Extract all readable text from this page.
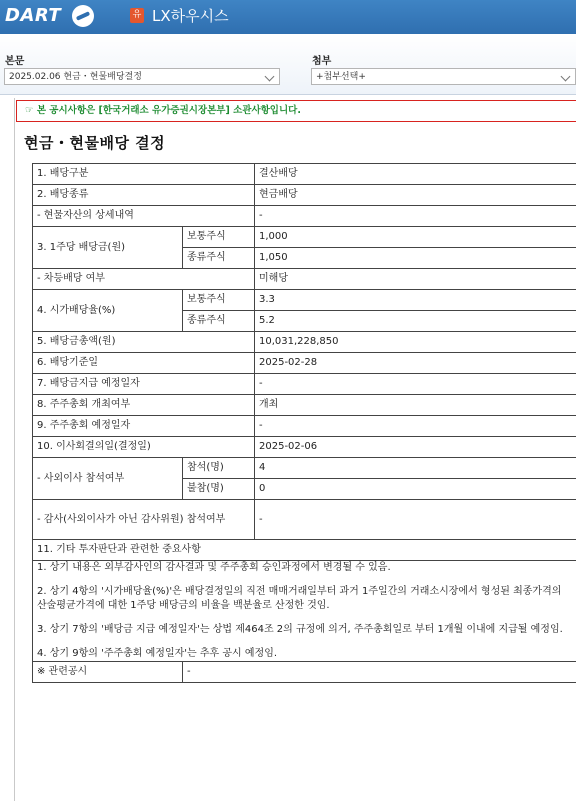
DART	유 LX하우시스
본문
2025.02.06 현금・현물배당결정
첨부
+첨부선택+
☞ 본 공시사항은 [한국거래소 유가증권시장본부] 소관사항입니다.
현금・현물배당 결정
1. 배당구분		결산배당
2. 배당종류		현금배당
- 현물자산의 상세내역		-
3. 1주당 배당금(원)	보통주식	1,000
	종류주식	1,050
- 차등배당 여부		미해당
4. 시가배당율(%)	보통주식	3.3
	종류주식	5.2
5. 배당금총액(원)		10,031,228,850
6. 배당기준일		2025-02-28
7. 배당금지급 예정일자		-
8. 주주총회 개최여부		개최
9. 주주총회 예정일자		-
10. 이사회결의일(결정일)		2025-02-06
- 사외이사 참석여부	참석(명)	4
	불참(명)	0
- 감사(사외이사가 아닌 감사위원) 참석여부		-
11. 기타 투자판단과 관련한 중요사항		

1. 상기 내용은 외부감사인의 감사결과 및 주주총회 승인과정에서 변경될 수 있음.
2. 상기 4항의 '시가배당율(%)'은 배당결정일의 직전 매매거래일부터 과거 1주일간의 거래소시장에서 형성된 최종가격의 산술평균가격에 대한 1주당 배당금의 비율을 백분율로 산정한 것임.
3. 상기 7항의 '배당금 지급 예정일자'는 상법 제464조 2의 규정에 의거, 주주총회일로 부터 1개월 이내에 지급될 예정임.
4. 상기 9항의 '주주총회 예정일자'는 추후 공시 예정임.		

※ 관련공시	-	
